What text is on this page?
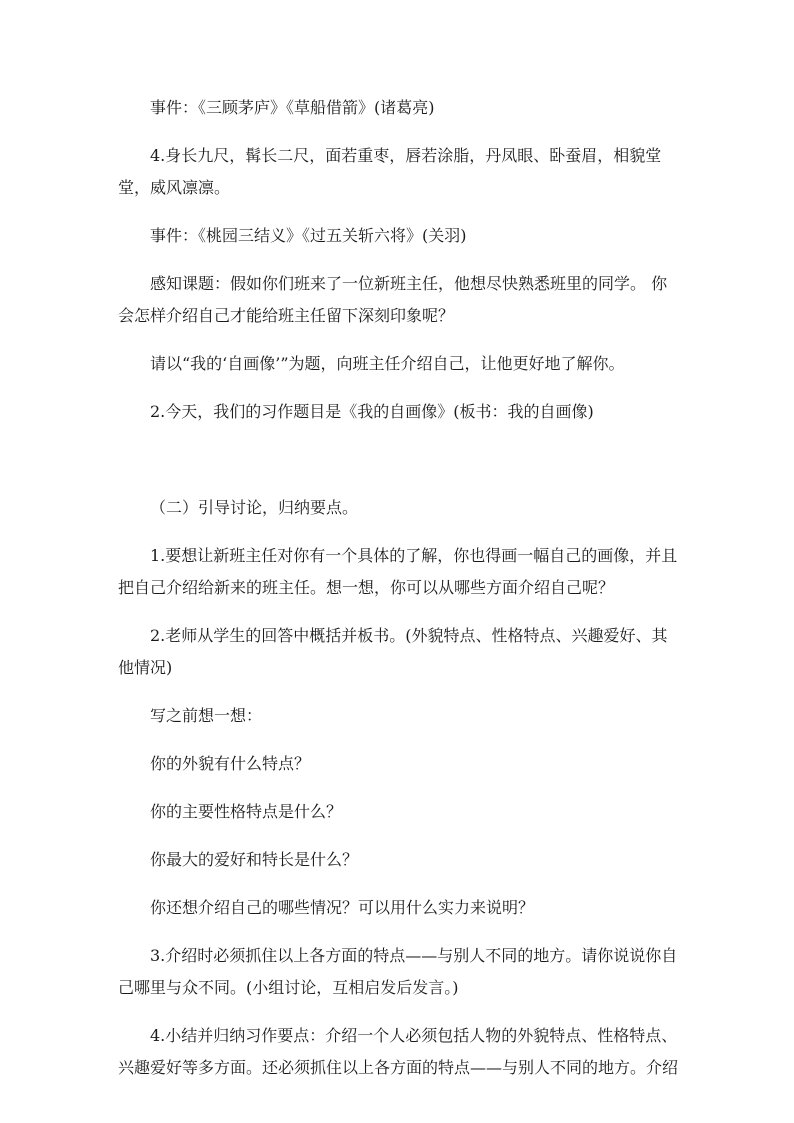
事件：《三顾茅庐》《草船借箭》(诸葛亮)

4.身长九尺，髯长二尺，面若重枣，唇若涂脂，丹凤眼、卧蚕眉，相貌堂堂，威风凛凛。

事件：《桃园三结义》《过五关斩六将》(关羽)

感知课题：假如你们班来了一位新班主任，他想尽快熟悉班里的同学。 你会怎样介绍自己才能给班主任留下深刻印象呢？

请以“我的‘自画像’”为题，向班主任介绍自己，让他更好地了解你。

2.今天，我们的习作题目是《我的自画像》(板书：我的自画像)

（二）引导讨论，归纳要点。

1.要想让新班主任对你有一个具体的了解，你也得画一幅自己的画像，并且把自己介绍给新来的班主任。想一想，你可以从哪些方面介绍自己呢？

2.老师从学生的回答中概括并板书。(外貌特点、性格特点、兴趣爱好、其他情况)

写之前想一想：

你的外貌有什么特点？

你的主要性格特点是什么？

你最大的爱好和特长是什么？

你还想介绍自己的哪些情况？可以用什么实力来说明？

3.介绍时必须抓住以上各方面的特点——与别人不同的地方。请你说说你自己哪里与众不同。(小组讨论，互相启发后发言。)

4.小结并归纳习作要点：介绍一个人必须包括人物的外貌特点、性格特点、兴趣爱好等多方面。还必须抓住以上各方面的特点——与别人不同的地方。介绍
